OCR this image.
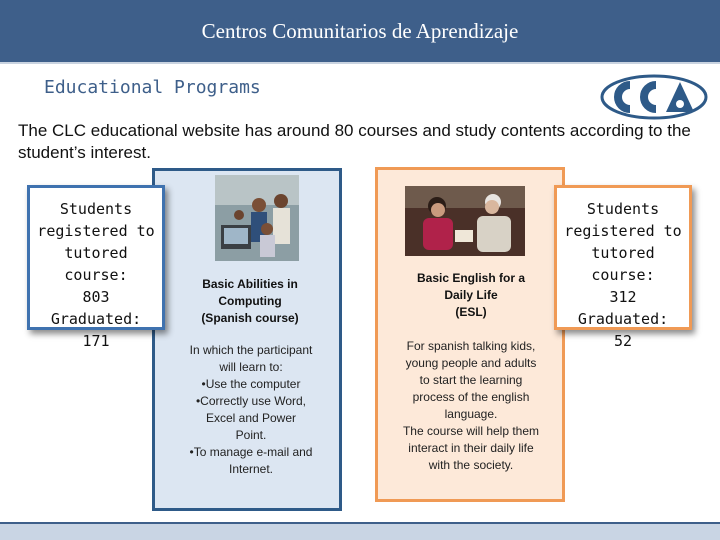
Centros Comunitarios de Aprendizaje
Educational Programs
The CLC educational website has around 80 courses and study contents according to the student’s interest.
Students
registered to
tutored course:
803
Graduated:
171
Students
registered to
tutored course:
312
Graduated:
52
Basic Abilities in
Computing
(Spanish course)
Basic English for a
Daily Life
(ESL)
In which the participant
will learn to:
•Use the computer
•Correctly use Word,
Excel and Power
Point.
•To manage e-mail and
Internet.
For spanish talking kids,
young people and adults
to start the learning
process of the english
language.
The course will help them
interact in their daily life
with the society.
